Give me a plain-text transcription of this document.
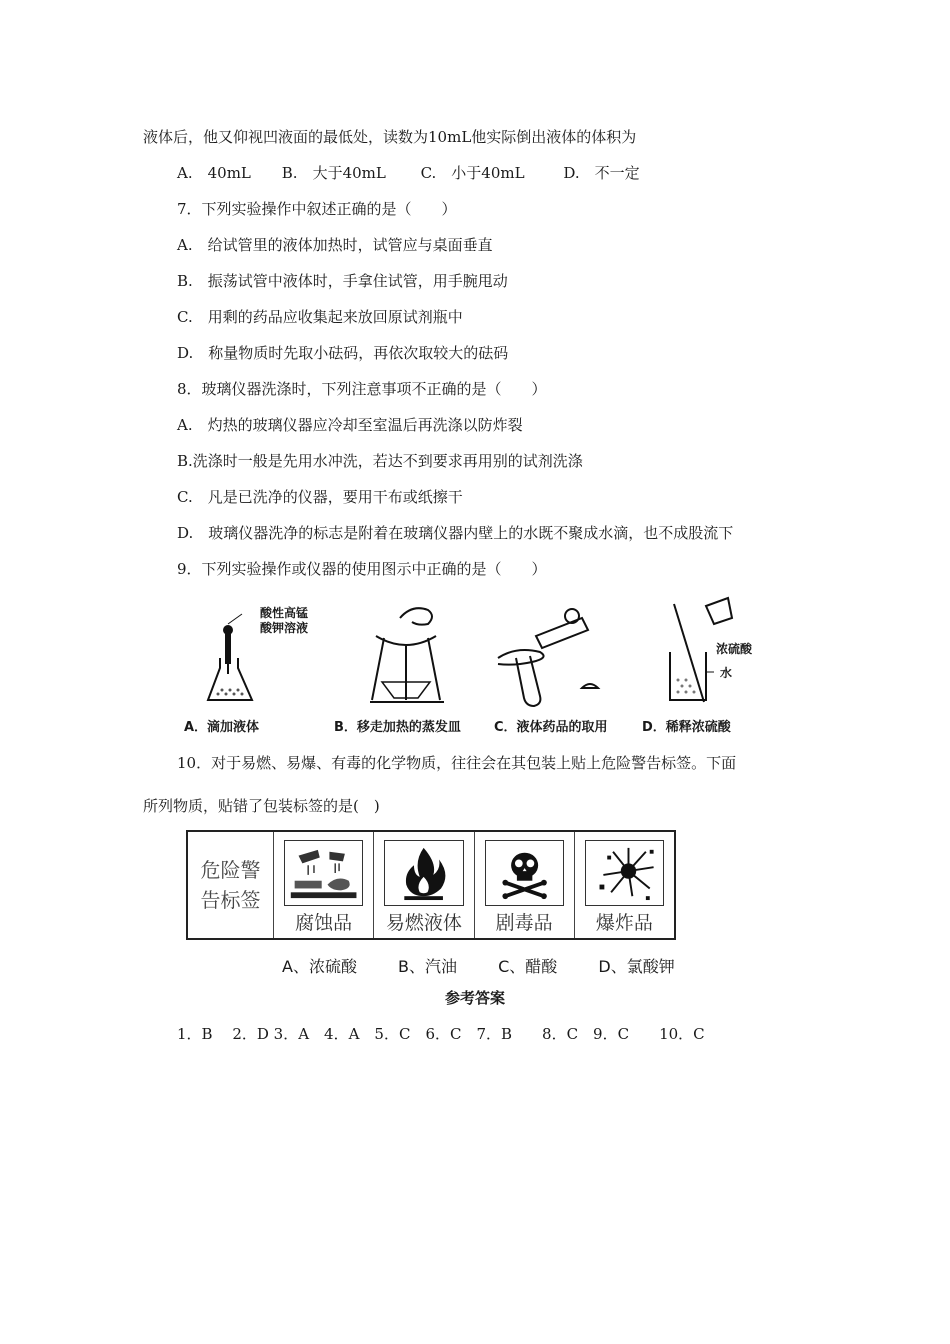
液体后，他又仰视凹液面的最低处，读数为10mL他实际倒出液体的体积为
A.　40mL B.　大于40mL C.　小于40mL	D.　不一定
7．下列实验操作中叙述正确的是（　　）
A.　给试管里的液体加热时，试管应与桌面垂直
B.　振荡试管中液体时，手拿住试管，用手腕甩动
C.　用剩的药品应收集起来放回原试剂瓶中
D.　称量物质时先取小砝码，再依次取较大的砝码
8．玻璃仪器洗涤时，下列注意事项不正确的是（　　）
A.　灼热的玻璃仪器应冷却至室温后再洗涤以防炸裂
B.洗涤时一般是先用水冲洗，若达不到要求再用别的试剂洗涤
C.　凡是已洗净的仪器，要用干布或纸擦干
D.　玻璃仪器洗净的标志是附着在玻璃仪器内壁上的水既不聚成水滴，也不成股流下
9．下列实验操作或仪器的使用图示中正确的是（　　）
酸性高锰
酸钾溶液
浓硫酸
水
A．滴加液体	B．移走加热的蒸发皿	C．液体药品的取用	D．稀释浓硫酸
10．对于易燃、易爆、有毒的化学物质，往往会在其包装上贴上危险警告标签。下面
所列物质，贴错了包装标签的是(　)
危险警告标签
腐蚀品	易燃液体	剧毒品	爆炸品
A、浓硫酸	B、汽油	C、醋酸	D、氯酸钾
参考答案
1．B　 2．D 3．A　4．A　5．C　6．C　7．B　　8．C　9．C　　10．C
